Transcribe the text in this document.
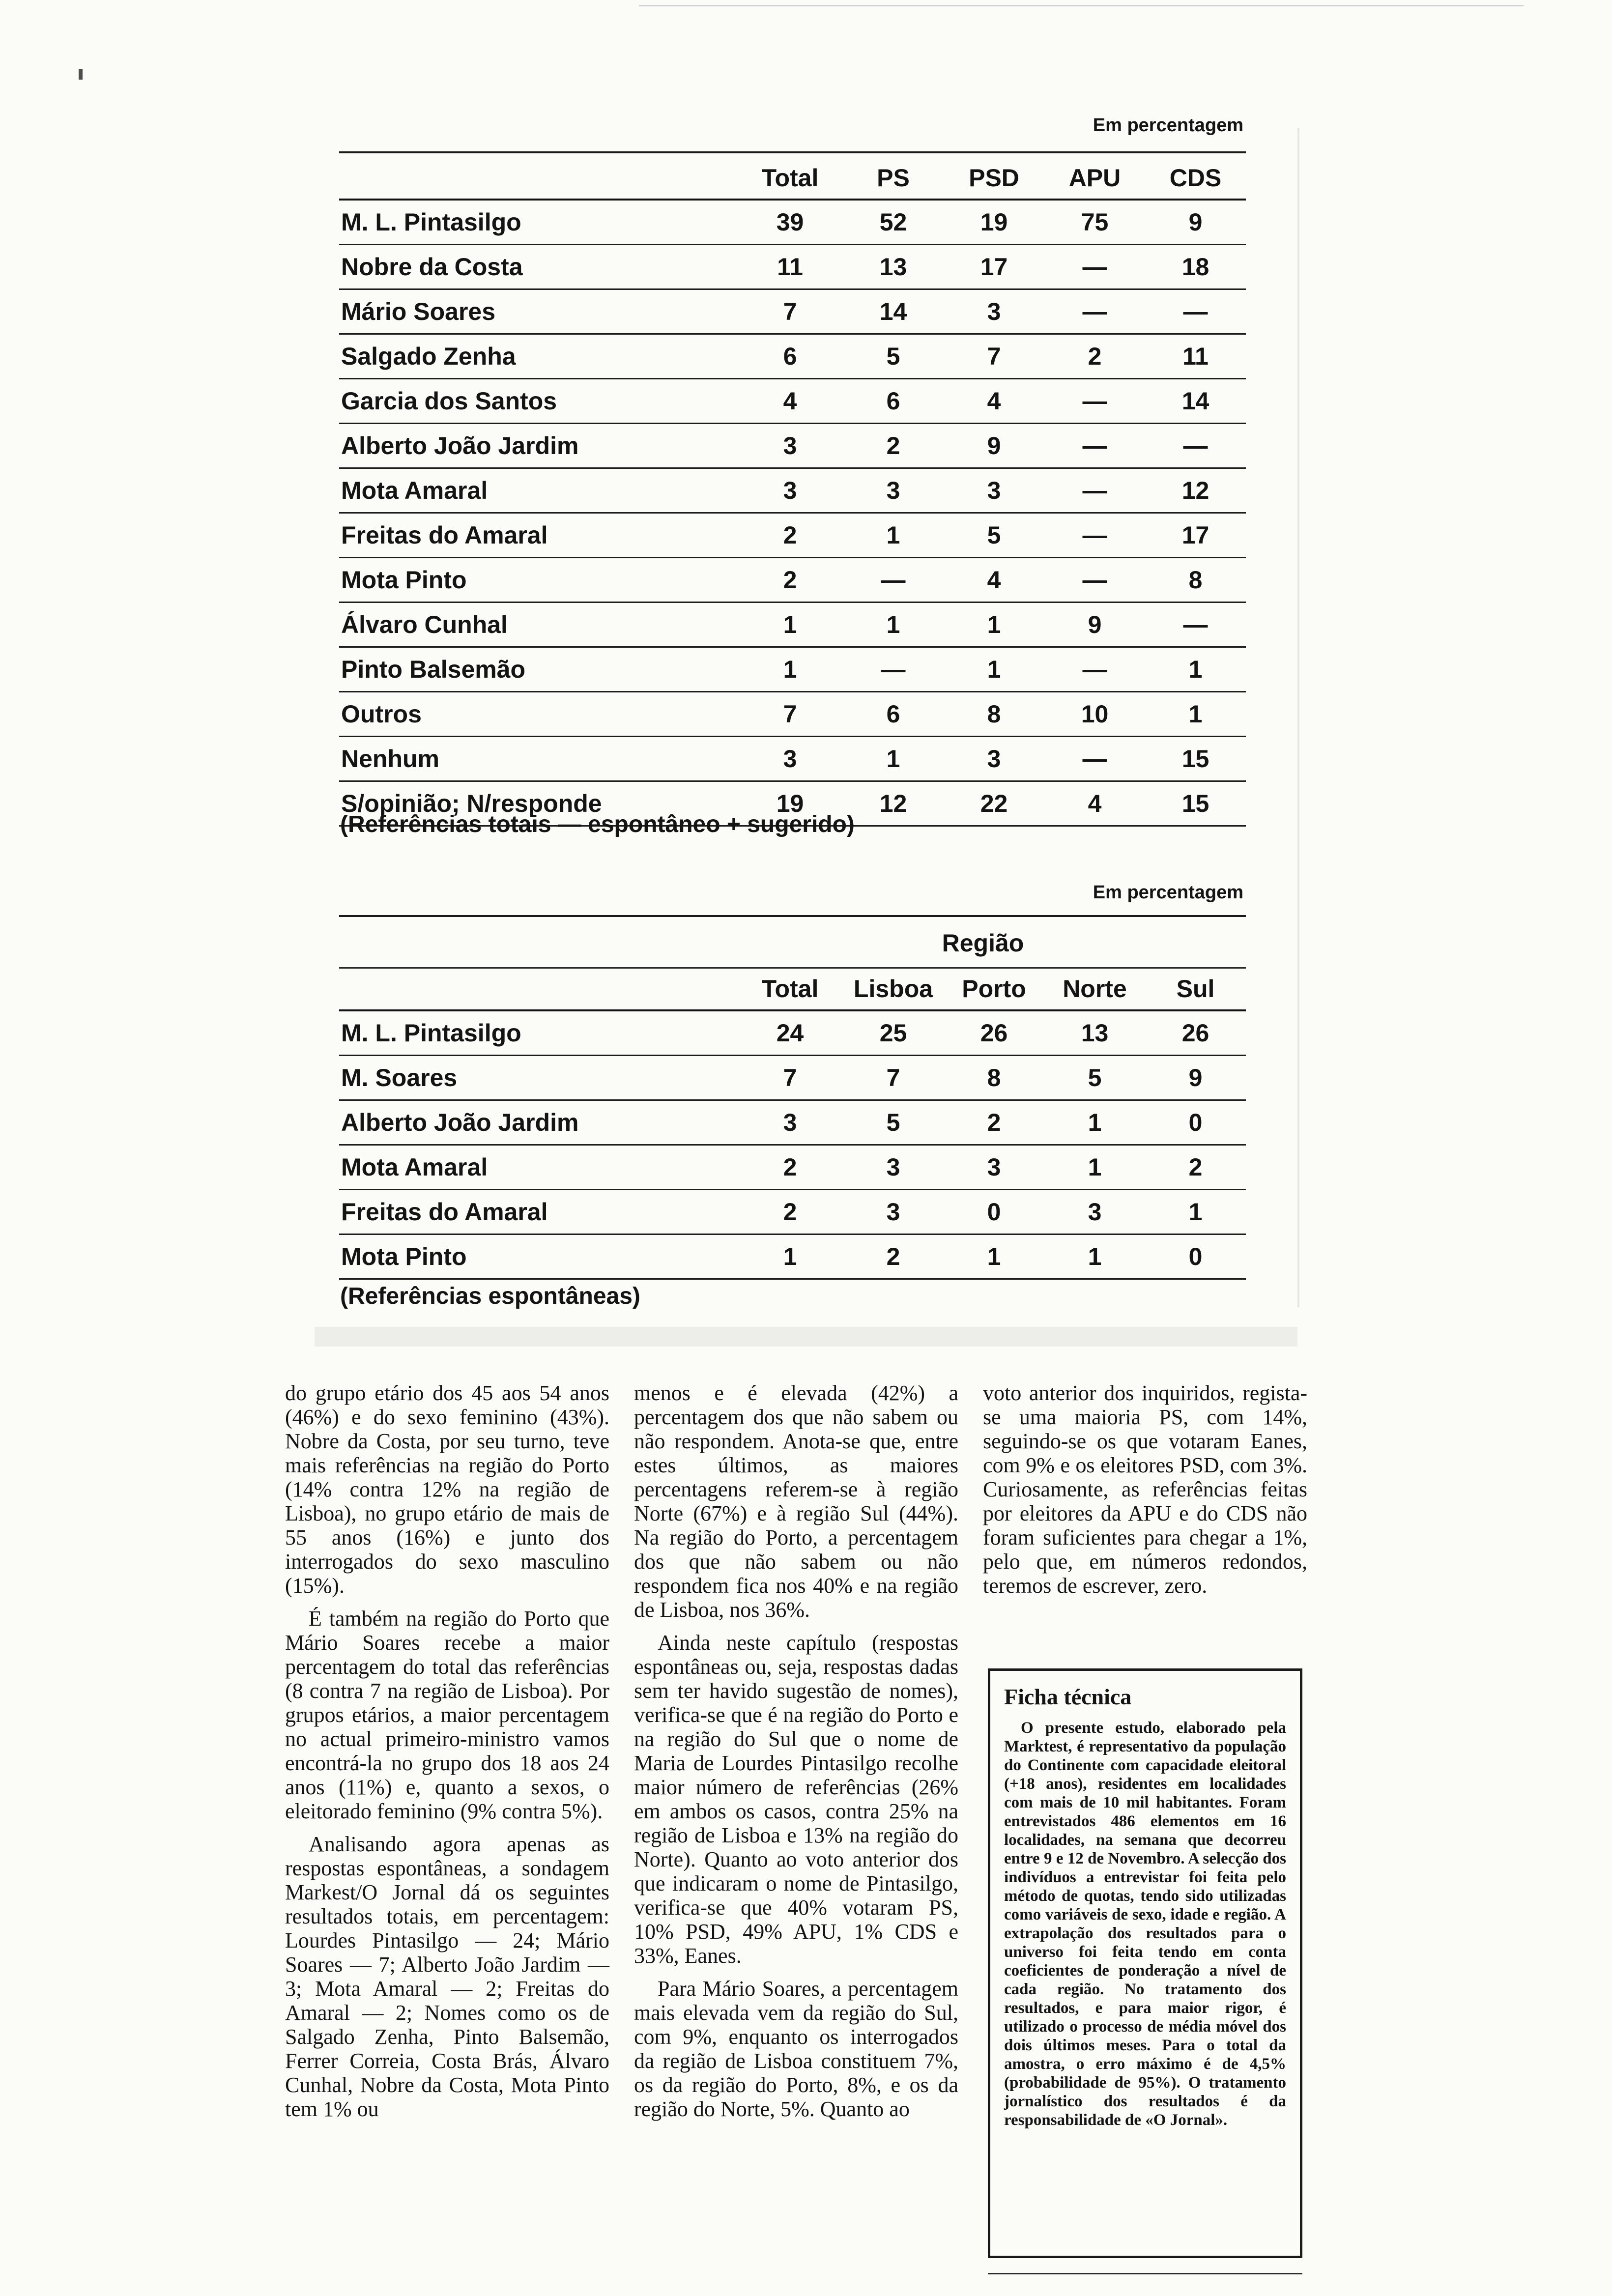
Em percentagem
	Total	PS	PSD	APU	CDS
M. L. Pintasilgo	39	52	19	75	9
Nobre da Costa	11	13	17	—	18
Mário Soares	7	14	3	—	—
Salgado Zenha	6	5	7	2	11
Garcia dos Santos	4	6	4	—	14
Alberto João Jardim	3	2	9	—	—
Mota Amaral	3	3	3	—	12
Freitas do Amaral	2	1	5	—	17
Mota Pinto	2	—	4	—	8
Álvaro Cunhal	1	1	1	9	—
Pinto Balsemão	1	—	1	—	1
Outros	7	6	8	10	1
Nenhum	3	1	3	—	15
S/opinião; N/responde	19	12	22	4	15
(Referências totais — espontâneo + sugerido)
Em percentagem
Região
	Total	Lisboa	Porto	Norte	Sul
M. L. Pintasilgo	24	25	26	13	26
M. Soares	7	7	8	5	9
Alberto João Jardim	3	5	2	1	0
Mota Amaral	2	3	3	1	2
Freitas do Amaral	2	3	0	3	1
Mota Pinto	1	2	1	1	0
(Referências espontâneas)

do grupo etário dos 45 aos 54 anos (46%) e do sexo feminino (43%). Nobre da Costa, por seu turno, teve mais referências na região do Porto (14% contra 12% na região de Lisboa), no grupo etário de mais de 55 anos (16%) e junto dos interrogados do sexo masculino (15%).

É também na região do Porto que Mário Soares recebe a maior percentagem do total das referências (8 contra 7 na região de Lisboa). Por grupos etários, a maior percentagem no actual primeiro-ministro vamos encontrá-la no grupo dos 18 aos 24 anos (11%) e, quanto a sexos, o eleitorado feminino (9% contra 5%).

Analisando agora apenas as respostas espontâneas, a sondagem Markest/O Jornal dá os seguintes resultados totais, em percentagem: Lourdes Pintasilgo — 24; Mário Soares — 7; Alberto João Jardim — 3; Mota Amaral — 2; Freitas do Amaral — 2; Nomes como os de Salgado Zenha, Pinto Balsemão, Ferrer Correia, Costa Brás, Álvaro Cunhal, Nobre da Costa, Mota Pinto tem 1% ou

menos e é elevada (42%) a percentagem dos que não sabem ou não respondem. Anota-se que, entre estes últimos, as maiores percentagens referem-se à região Norte (67%) e à região Sul (44%). Na região do Porto, a percentagem dos que não sabem ou não respondem fica nos 40% e na região de Lisboa, nos 36%.

Ainda neste capítulo (respostas espontâneas ou, seja, respostas dadas sem ter havido sugestão de nomes), verifica-se que é na região do Porto e na região do Sul que o nome de Maria de Lourdes Pintasilgo recolhe maior número de referências (26% em ambos os casos, contra 25% na região de Lisboa e 13% na região do Norte). Quanto ao voto anterior dos que indicaram o nome de Pintasilgo, verifica-se que 40% votaram PS, 10% PSD, 49% APU, 1% CDS e 33%, Eanes.

Para Mário Soares, a percentagem mais elevada vem da região do Sul, com 9%, enquanto os interrogados da região de Lisboa constituem 7%, os da região do Porto, 8%, e os da região do Norte, 5%. Quanto ao

voto anterior dos inquiridos, regista-se uma maioria PS, com 14%, seguindo-se os que votaram Eanes, com 9% e os eleitores PSD, com 3%. Curiosamente, as referências feitas por eleitores da APU e do CDS não foram suficientes para chegar a 1%, pelo que, em números redondos, teremos de escrever, zero.

Ficha técnica

O presente estudo, elaborado pela Marktest, é representativo da população do Continente com capacidade eleitoral (+18 anos), residentes em localidades com mais de 10 mil habitantes. Foram entrevistados 486 elementos em 16 localidades, na semana que decorreu entre 9 e 12 de Novembro. A selecção dos indivíduos a entrevistar foi feita pelo método de quotas, tendo sido utilizadas como variáveis de sexo, idade e região. A extrapolação dos resultados para o universo foi feita tendo em conta coeficientes de ponderação a nível de cada região. No tratamento dos resultados, e para maior rigor, é utilizado o processo de média móvel dos dois últimos meses. Para o total da amostra, o erro máximo é de 4,5% (probabilidade de 95%). O tratamento jornalístico dos resultados é da responsabilidade de «O Jornal».
